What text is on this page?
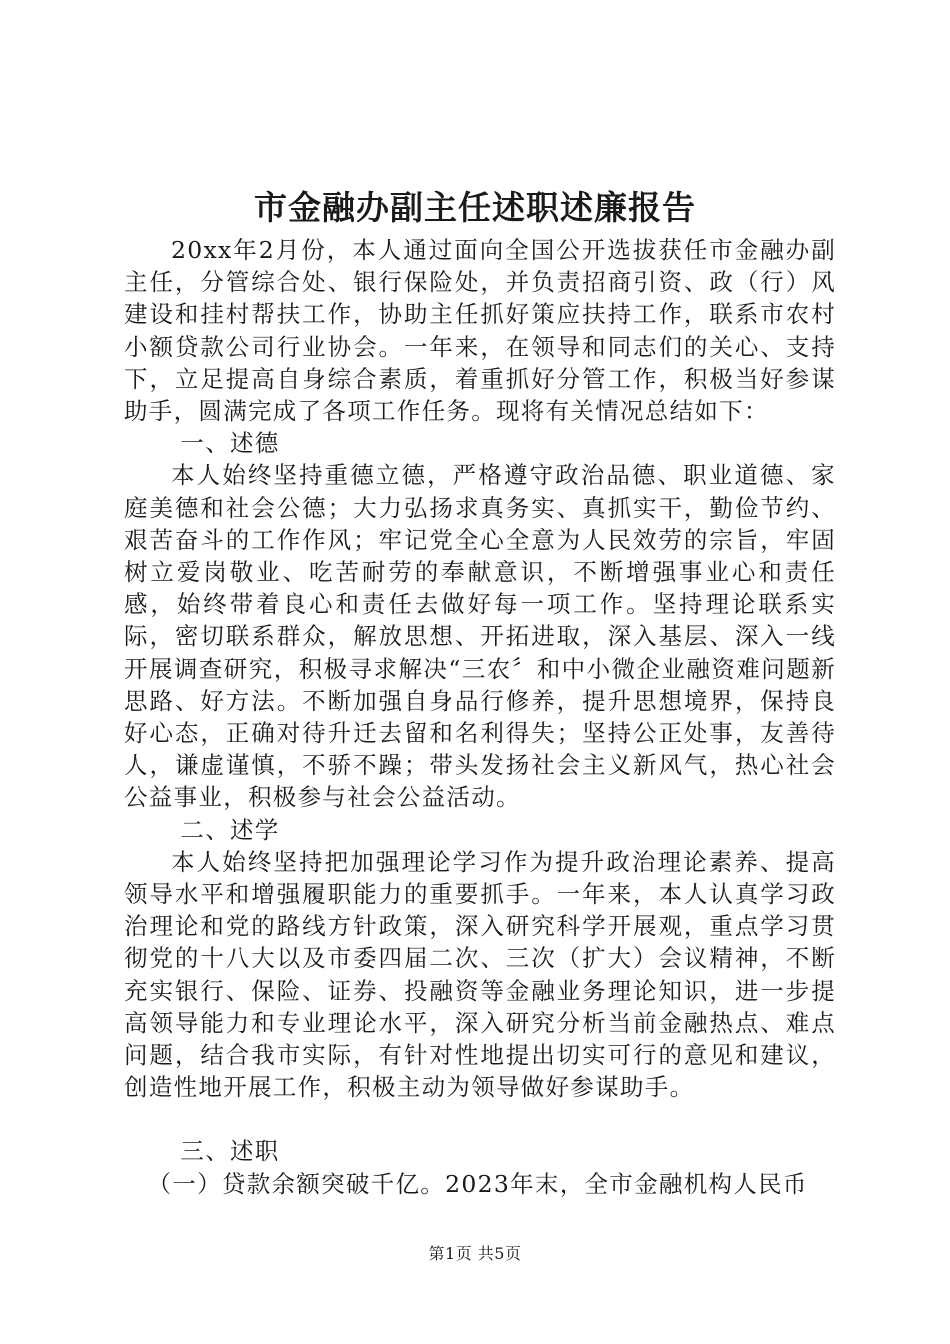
市金融办副主任述职述廉报告

20xx年2月份，本人通过面向全国公开选拔获任市金融办副主任，分管综合处、银行保险处，并负责招商引资、政（行）风建设和挂村帮扶工作，协助主任抓好策应扶持工作，联系市农村小额贷款公司行业协会。一年来，在领导和同志们的关心、支持下，立足提高自身综合素质，着重抓好分管工作，积极当好参谋助手，圆满完成了各项工作任务。现将有关情况总结如下：

一、述德

本人始终坚持重德立德，严格遵守政治品德、职业道德、家庭美德和社会公德；大力弘扬求真务实、真抓实干，勤俭节约、艰苦奋斗的工作作风；牢记党全心全意为人民效劳的宗旨，牢固树立爱岗敬业、吃苦耐劳的奉献意识，不断增强事业心和责任感，始终带着良心和责任去做好每一项工作。坚持理论联系实际，密切联系群众，解放思想、开拓进取，深入基层、深入一线开展调查研究，积极寻求解决“三农〞和中小微企业融资难问题新思路、好方法。不断加强自身品行修养，提升思想境界，保持良好心态，正确对待升迁去留和名利得失；坚持公正处事，友善待人，谦虚谨慎，不骄不躁；带头发扬社会主义新风气，热心社会公益事业，积极参与社会公益活动。

二、述学

本人始终坚持把加强理论学习作为提升政治理论素养、提高领导水平和增强履职能力的重要抓手。一年来，本人认真学习政治理论和党的路线方针政策，深入研究科学开展观，重点学习贯彻党的十八大以及市委四届二次、三次（扩大）会议精神，不断充实银行、保险、证券、投融资等金融业务理论知识，进一步提高领导能力和专业理论水平，深入研究分析当前金融热点、难点问题，结合我市实际，有针对性地提出切实可行的意见和建议，创造性地开展工作，积极主动为领导做好参谋助手。

三、述职

（一）贷款余额突破千亿。2023年末，全市金融机构人民币

第1页 共5页
